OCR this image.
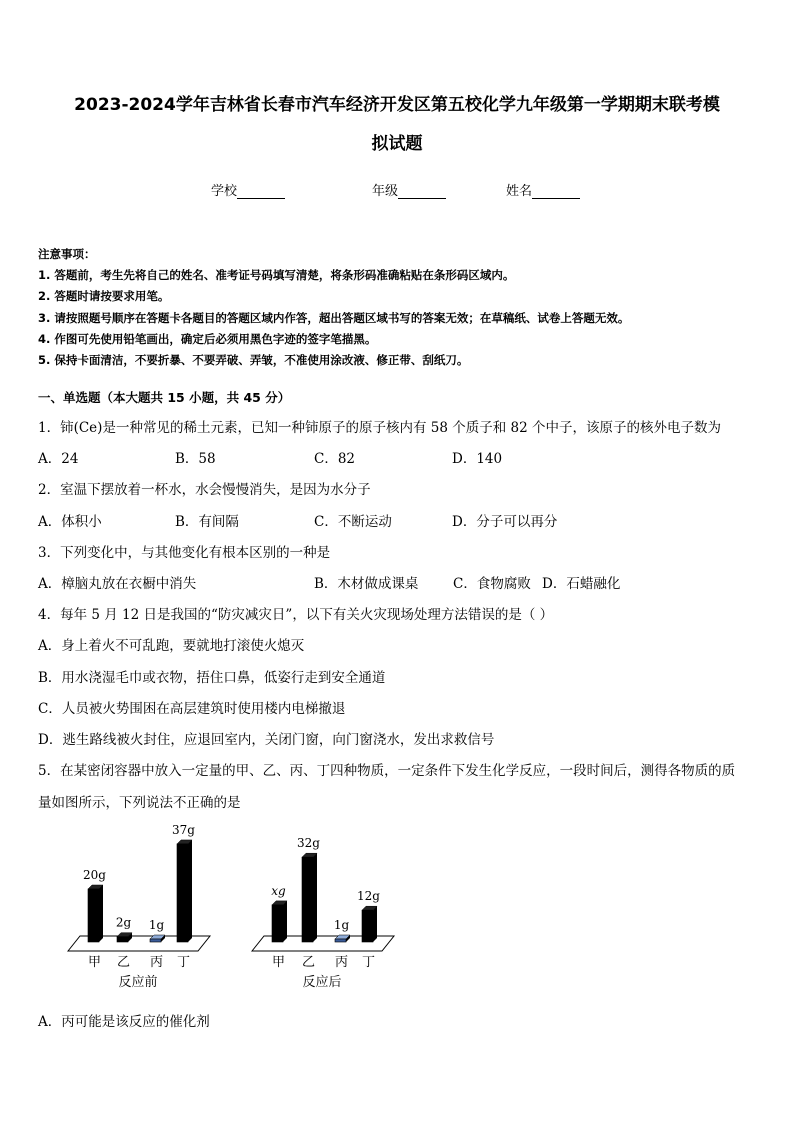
2023-2024学年吉林省长春市汽车经济开发区第五校化学九年级第一学期期末联考模
拟试题
学校	年级	姓名
注意事项：
1. 答题前，考生先将自己的姓名、准考证号码填写清楚，将条形码准确粘贴在条形码区域内。
2. 答题时请按要求用笔。
3. 请按照题号顺序在答题卡各题目的答题区域内作答，超出答题区域书写的答案无效；在草稿纸、试卷上答题无效。
4. 作图可先使用铅笔画出，确定后必须用黑色字迹的签字笔描黑。
5. 保持卡面清洁，不要折暴、不要弄破、弄皱，不准使用涂改液、修正带、刮纸刀。
一、单选题（本大题共 15 小题，共 45 分）
1．铈(Ce)是一种常见的稀土元素，已知一种铈原子的原子核内有 58 个质子和 82 个中子，该原子的核外电子数为
A．24	B．58	C．82	D．140
2．室温下摆放着一杯水，水会慢慢消失，是因为水分子
A．体积小	B．有间隔	C．不断运动	D．分子可以再分
3．下列变化中，与其他变化有根本区别的一种是
A．樟脑丸放在衣橱中消失	B．木材做成课桌	C．食物腐败 D．石蜡融化
4．每年 5 月 12 日是我国的“防灾减灾日”，以下有关火灾现场处理方法错误的是（ ）
A．身上着火不可乱跑，要就地打滚使火熄灭
B．用水浇湿毛巾或衣物，捂住口鼻，低姿行走到安全通道
C．人员被火势围困在高层建筑时使用楼内电梯撤退
D．逃生路线被火封住，应退回室内，关闭门窗，向门窗浇水，发出求救信号
5．在某密闭容器中放入一定量的甲、乙、丙、丁四种物质，一定条件下发生化学反应，一段时间后，测得各物质的质
量如图所示，下列说法不正确的是
20g
甲
2g
乙
1g
丙
37g
丁
反应前
xg
甲
32g
乙
1g
丙
12g
丁
反应后
A．丙可能是该反应的催化剂
